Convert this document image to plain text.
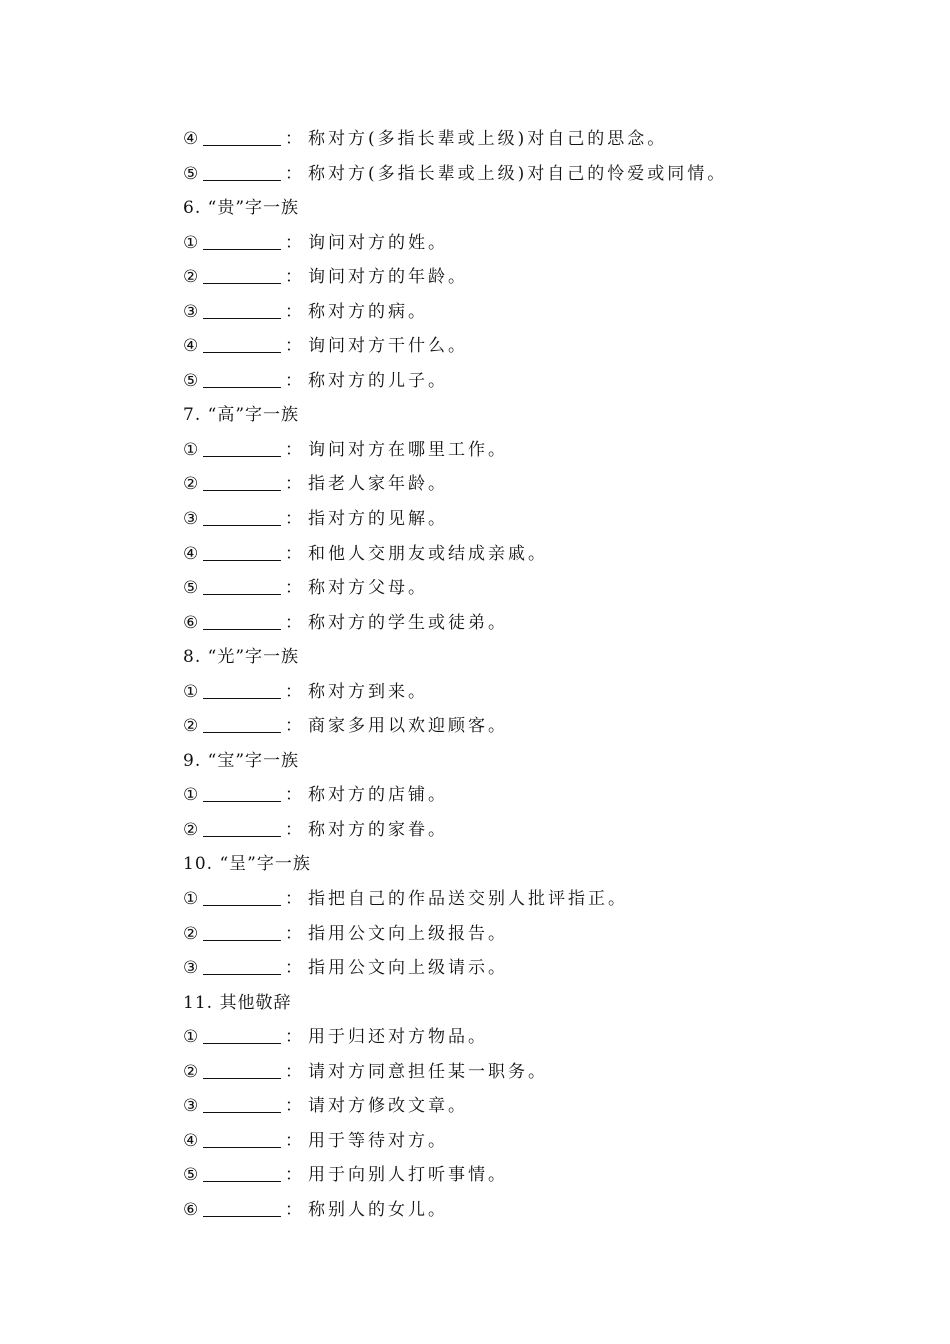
④	： 称对方(多指长辈或上级)对自己的思念。
⑤	： 称对方(多指长辈或上级)对自己的怜爱或同情。
6. “贵”字一族
①	： 询问对方的姓。
②	： 询问对方的年龄。
③	： 称对方的病。
④	： 询问对方干什么。
⑤	： 称对方的儿子。
7. “高”字一族
①	： 询问对方在哪里工作。
②	： 指老人家年龄。
③	： 指对方的见解。
④	： 和他人交朋友或结成亲戚。
⑤	： 称对方父母。
⑥	： 称对方的学生或徒弟。
8. “光”字一族
①	： 称对方到来。
②	： 商家多用以欢迎顾客。
9. “宝”字一族
①	： 称对方的店铺。
②	： 称对方的家眷。
10. “呈”字一族
①	： 指把自己的作品送交别人批评指正。
②	： 指用公文向上级报告。
③	： 指用公文向上级请示。
11. 其他敬辞
①	： 用于归还对方物品。
②	： 请对方同意担任某一职务。
③	： 请对方修改文章。
④	： 用于等待对方。
⑤	： 用于向别人打听事情。
⑥	： 称别人的女儿。
